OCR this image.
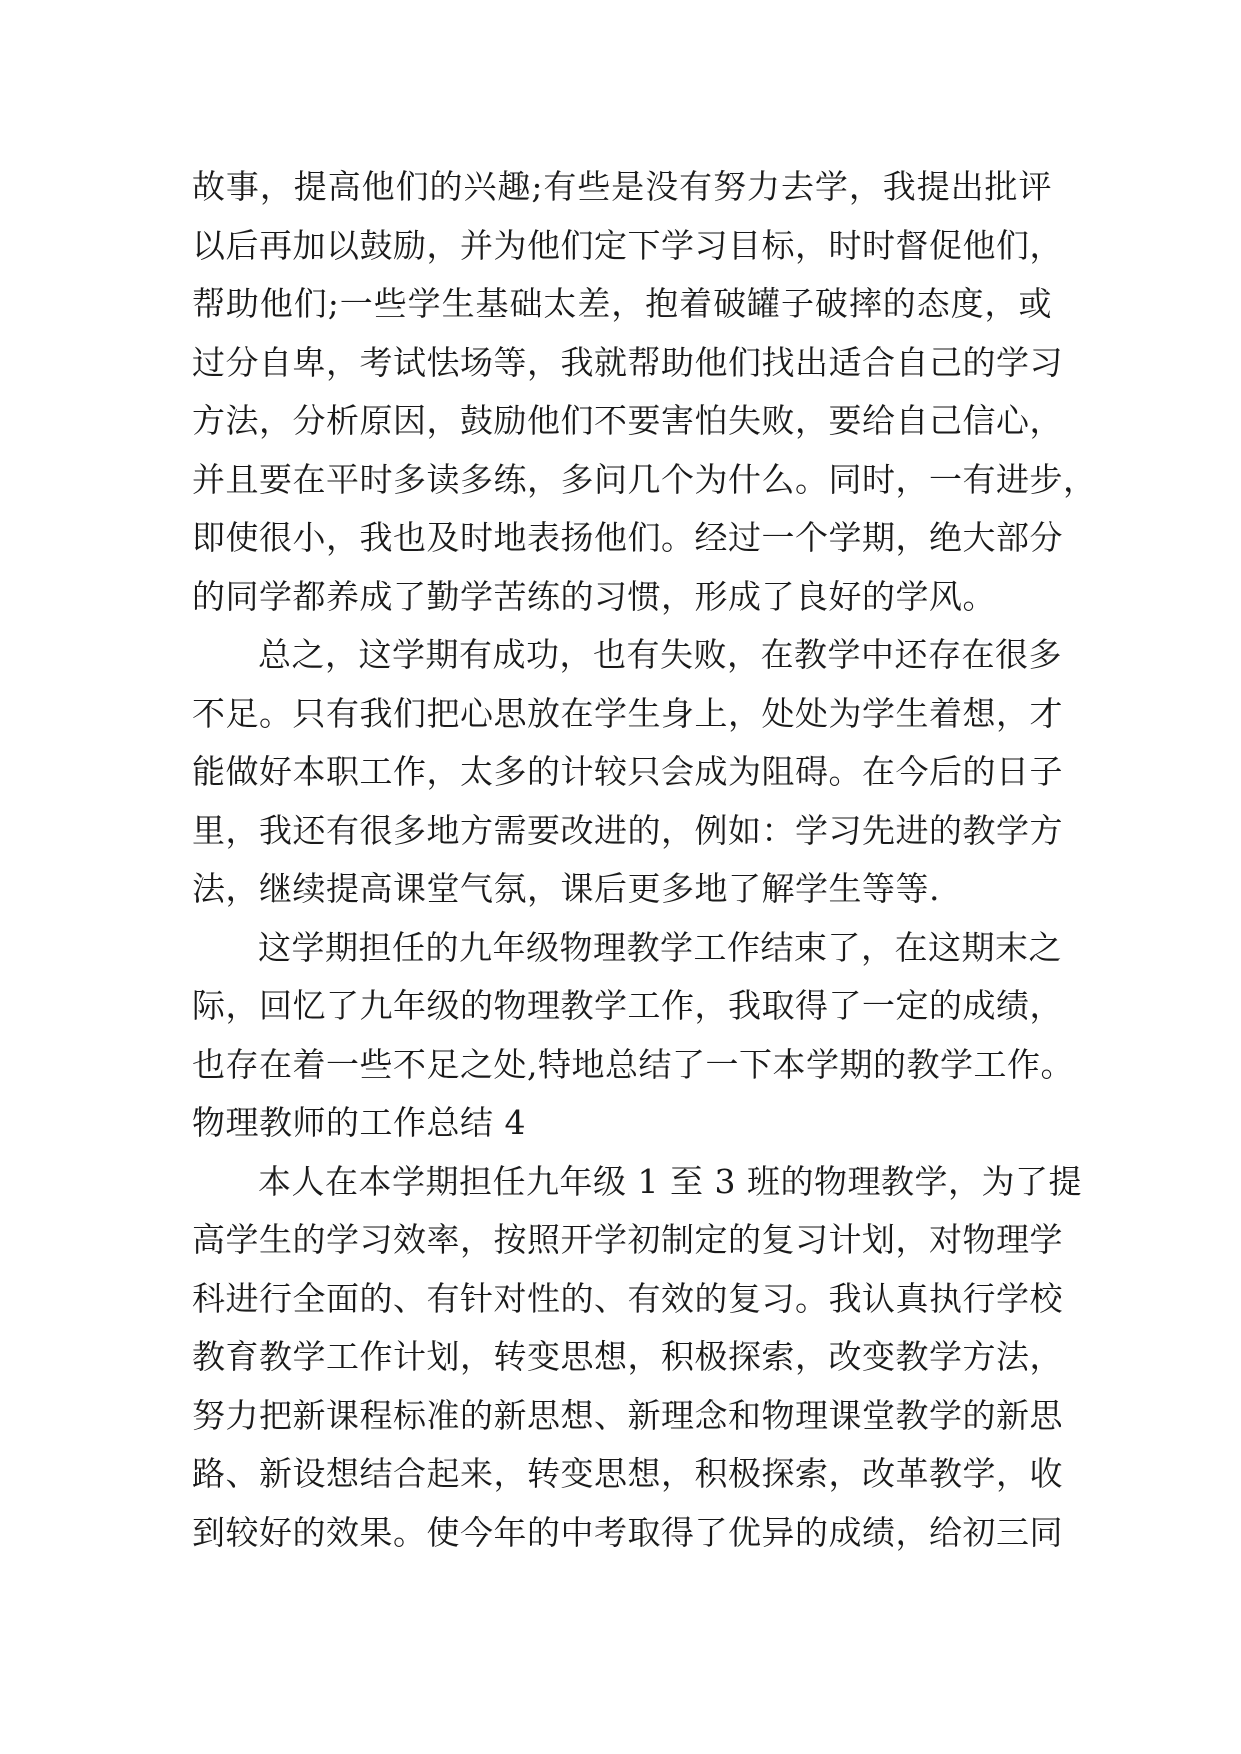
故事，提高他们的兴趣;有些是没有努力去学，我提出批评
以后再加以鼓励，并为他们定下学习目标，时时督促他们，
帮助他们;一些学生基础太差，抱着破罐子破摔的态度，或
过分自卑，考试怯场等，我就帮助他们找出适合自己的学习
方法，分析原因，鼓励他们不要害怕失败，要给自己信心，
并且要在平时多读多练，多问几个为什么。同时，一有进步，
即使很小，我也及时地表扬他们。经过一个学期，绝大部分
的同学都养成了勤学苦练的习惯，形成了良好的学风。
总之，这学期有成功，也有失败，在教学中还存在很多
不足。只有我们把心思放在学生身上，处处为学生着想，才
能做好本职工作，太多的计较只会成为阻碍。在今后的日子
里，我还有很多地方需要改进的，例如：学习先进的教学方
法，继续提高课堂气氛，课后更多地了解学生等等.
这学期担任的九年级物理教学工作结束了，在这期末之
际，回忆了九年级的物理教学工作，我取得了一定的成绩，
也存在着一些不足之处,特地总结了一下本学期的教学工作。
物理教师的工作总结 4
本人在本学期担任九年级 1 至 3 班的物理教学，为了提
高学生的学习效率，按照开学初制定的复习计划，对物理学
科进行全面的、有针对性的、有效的复习。我认真执行学校
教育教学工作计划，转变思想，积极探索，改变教学方法，
努力把新课程标准的新思想、新理念和物理课堂教学的新思
路、新设想结合起来，转变思想，积极探索，改革教学，收
到较好的效果。使今年的中考取得了优异的成绩，给初三同
